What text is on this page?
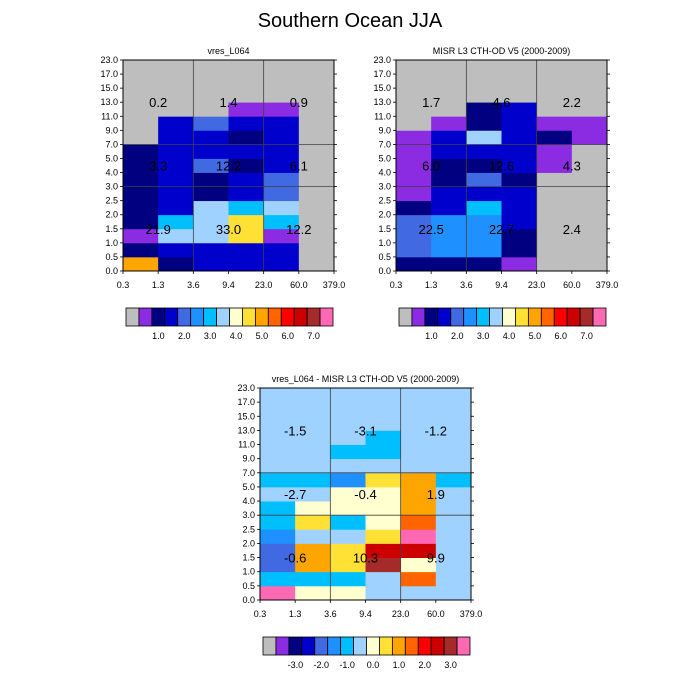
Southern Ocean JJA
0.0
0.5
1.0
1.5
2.0
2.5
3.0
4.0
5.0
7.0
9.0
11.0
13.0
15.0
17.0
23.0
0.3	1.3	3.6	9.4 23.0 60.0 379.0
vres_L064
0.2	1.4	0.9
3.3	12.2	6.1
21.9	33.0	12.2
1.0 2.0 3.0 4.0 5.0 6.0 7.0
0.0
0.5
1.0
1.5
2.0
2.5
3.0
4.0
5.0
7.0
9.0
11.0
13.0
15.0
17.0
23.0
0.3	1.3	3.6	9.4 23.0 60.0 379.0
MISR L3 CTH-OD V5 (2000-2009)
1.7	4.6	2.2
6.0	12.6	4.3
22.5	22.7	2.4
1.0 2.0 3.0 4.0 5.0 6.0 7.0
0.0
0.5
1.0
1.5
2.0
2.5
3.0
4.0
5.0
7.0
9.0
11.0
13.0
15.0
17.0
23.0
0.3	1.3	3.6	9.4 23.0 60.0 379.0
vres_L064 - MISR L3 CTH-OD V5 (2000-2009)
-1.5	-3.1	-1.2
-2.7	-0.4	1.9
-0.6	10.3	9.9
-3.0 -2.0 -1.0 0.0 1.0 2.0 3.0
